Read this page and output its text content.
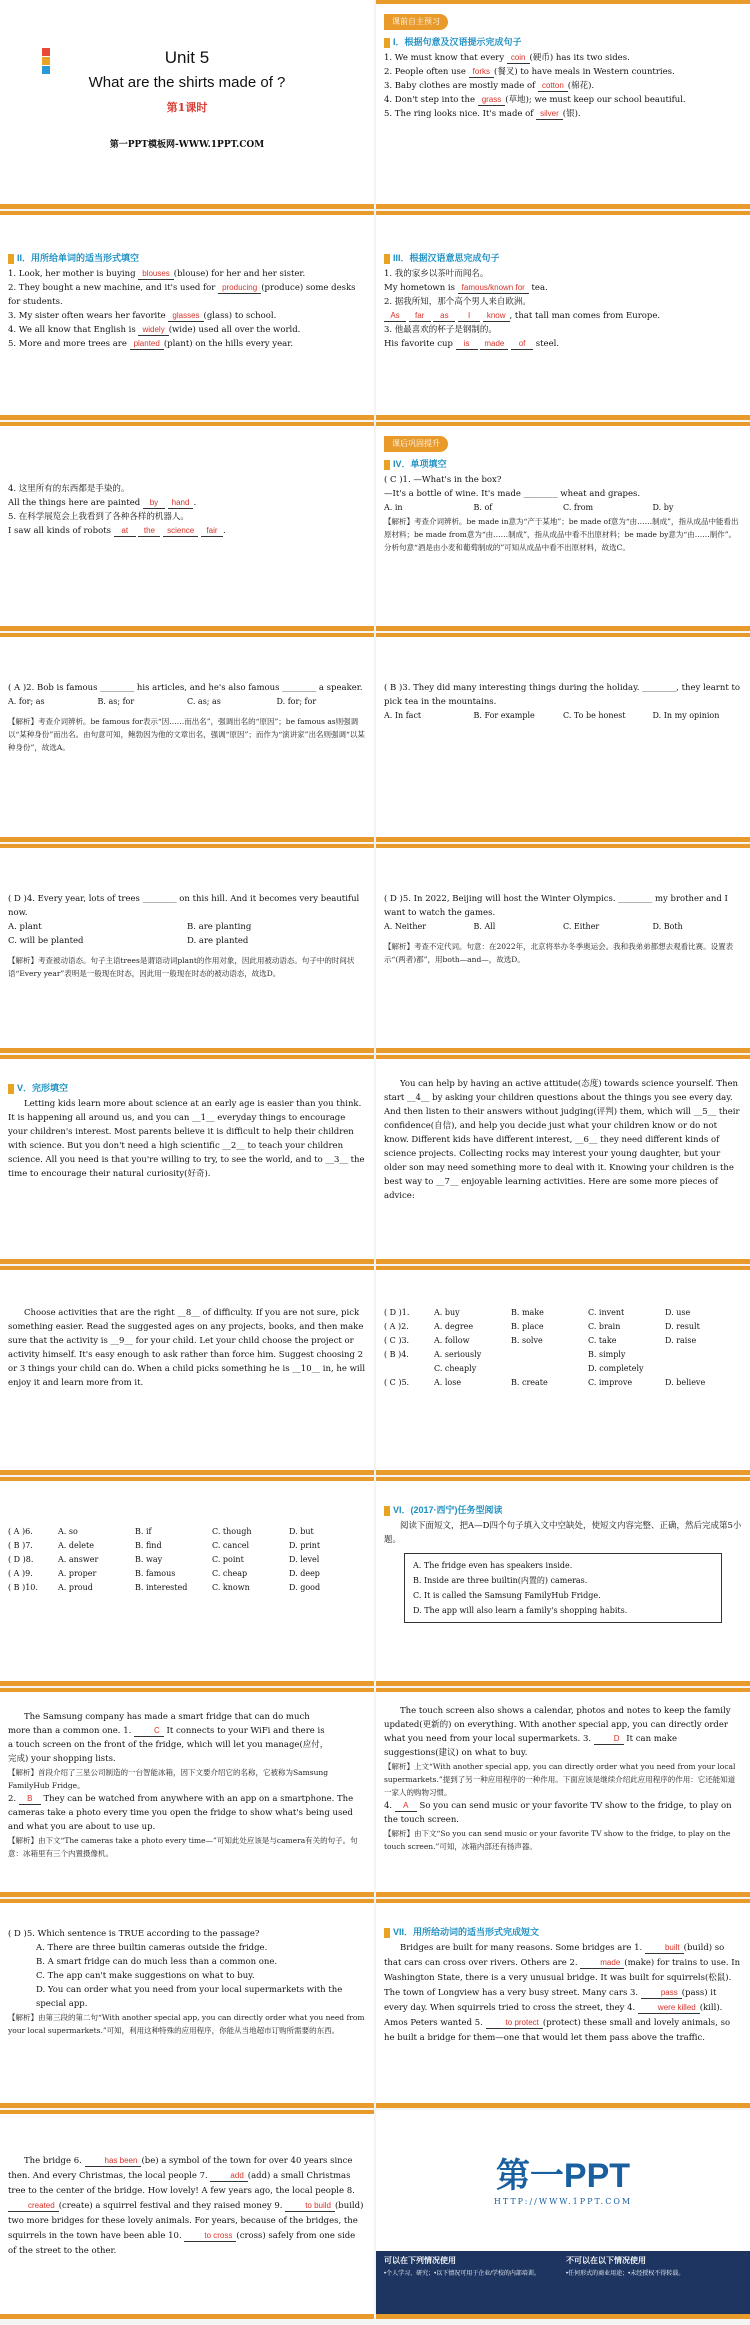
Unit 5
What are the shirts made of ?
第1课时
第一PPT模板网-WWW.1PPT.COM
课前自主预习
I．根据句意及汉语提示完成句子
1. We must know that every coin (硬币) has its two sides.
2. People often use forks (餐叉) to have meals in Western countries.
3. Baby clothes are mostly made of cotton (棉花).
4. Don't step into the grass (草地); we must keep our school beautiful.
5. The ring looks nice. It's made of silver (银).
II．用所给单词的适当形式填空
1. Look, her mother is buying blouses (blouse) for her and her sister.
2. They bought a new machine, and it's used for producing (produce) some desks for students.
3. My sister often wears her favorite glasses (glass) to school.
4. We all know that English is widely (wide) used all over the world.
5. More and more trees are planted (plant) on the hills every year.
III．根据汉语意思完成句子
1. 我的家乡以茶叶而闻名。
My hometown is famous/known for tea.
2. 据我所知，那个高个男人来自欧洲。
As far as I know , that tall man comes from Europe.
3. 他最喜欢的杯子是钢制的。
His favorite cup is made of steel.
4. 这里所有的东西都是手染的。
All the things here are painted by hand .
5. 在科学展览会上我看到了各种各样的机器人。
I saw all kinds of robots at the science fair .
课后巩固提升
IV．单项填空
( C )1. —What's in the box?
—It's a bottle of wine. It's made ________ wheat and grapes.
A. in	B. of	C. from	D. by
【解析】考查介词辨析。be made in意为“产于某地”；be made of意为“由……制成”，指从成品中能看出原材料；be made from意为“由……制成”，指从成品中看不出原材料；be made by意为“由……制作”。分析句意“酒是由小麦和葡萄制成的”可知从成品中看不出原材料，故选C。
( A )2. Bob is famous ________ his articles, and he's also famous ________ a speaker.
A. for; as	B. as; for	C. as; as	D. for; for
【解析】考查介词辨析。be famous for表示“因……而出名”，强调出名的“原因”；be famous as则强调以“某种身份”而出名。由句意可知，鲍勃因为他的文章出名，强调“原因”；而作为“演讲家”出名则强调“以某种身份”，故选A。
( B )3. They did many interesting things during the holiday. ________, they learnt to pick tea in the mountains.
A. In fact	B. For example	C. To be honest	D. In my opinion
( D )4. Every year, lots of trees ________ on this hill. And it becomes very beautiful now.
A. plant	B. are planting
C. will be planted	D. are planted
【解析】考查被动语态。句子主语trees是谓语动词plant的作用对象，因此用被动语态。句子中的时间状语“Every year”表明是一般现在时态，因此用一般现在时态的被动语态，故选D。
( D )5. In 2022, Beijing will host the Winter Olympics. ________ my brother and I want to watch the games.
A. Neither	B. All	C. Either	D. Both
【解析】考查不定代词。句意：在2022年，北京将举办冬季奥运会。我和我弟弟都想去观看比赛。设置表示“(两者)都”，用both—and—，故选D。
V．完形填空
Letting kids learn more about science at an early age is easier than you think. It is happening all around us, and you can __1__ everyday things to encourage your children's interest. Most parents believe it is difficult to help their children with science. But you don't need a high scientific __2__ to teach your children science. All you need is that you're willing to try, to see the world, and to __3__ the time to encourage their natural curiosity(好奇).
You can help by having an active attitude(态度) towards science yourself. Then start __4__ by asking your children questions about the things you see every day. And then listen to their answers without judging(评判) them, which will __5__ their confidence(自信), and help you decide just what your children know or do not know. Different kids have different interest, __6__ they need different kinds of science projects. Collecting rocks may interest your young daughter, but your older son may need something more to deal with it. Knowing your children is the best way to __7__ enjoyable learning activities. Here are some more pieces of advice:
Choose activities that are the right __8__ of difficulty. If you are not sure, pick something easier. Read the suggested ages on any projects, books, and then make sure that the activity is __9__ for your child. Let your child choose the project or activity himself. It's easy enough to ask rather than force him. Suggest choosing 2 or 3 things your child can do. When a child picks something he is __10__ in, he will enjoy it and learn more from it.
( D )1.	A. buy	B. make	C. invent	D. use
( A )2.	A. degree	B. place	C. brain	D. result
( C )3.	A. follow	B. solve	C. take	D. raise
( B )4.	A. seriously	B. simply
C. cheaply	D. completely
( C )5.	A. lose	B. create	C. improve	D. believe
( A )6.	A. so	B. if	C. though	D. but
( B )7.	A. delete	B. find	C. cancel	D. print
( D )8.	A. answer	B. way	C. point	D. level
( A )9.	A. proper	B. famous	C. cheap	D. deep
( B )10.	A. proud	B. interested	C. known	D. good
VI．(2017·西宁)任务型阅读
阅读下面短文，把A—D四个句子填入文中空缺处，使短文内容完整、正确，然后完成第5小题。
A. The fridge even has speakers inside.
B. Inside are three builtin(内置的) cameras.
C. It is called the Samsung FamilyHub Fridge.
D. The app will also learn a family's shopping habits.
The Samsung company has made a smart fridge that can do much more than a common one. 1.	C It connects to your WiFi and there is a touch screen on the front of the fridge, which will let you manage(应付，完成) your shopping lists.
【解析】首段介绍了三星公司制造的一台智能冰箱，因下文要介绍它的名称，它被称为Samsung FamilyHub Fridge。
2. B They can be watched from anywhere with an app on a smartphone. The cameras take a photo every time you open the fridge to show what's being used and what you are about to use up.
【解析】由下文“The cameras take a photo every time—”可知此处应该是与camera有关的句子。句意：冰箱里有三个内置摄像机。
The touch screen also shows a calendar, photos and notes to keep the family updated(更新的) on everything. With another special app, you can directly order what you need from your local supermarkets. 3.	D It can make suggestions(建议) on what to buy.
【解析】上文“With another special app, you can directly order what you need from your local supermarkets.”提到了另一种应用程序的一种作用。下面应该是继续介绍此应用程序的作用：它还能知道一家人的购物习惯。
4. A So you can send music or your favorite TV show to the fridge, to play on the touch screen.
【解析】由下文“So you can send music or your favorite TV show to the fridge, to play on the touch screen.”可知，冰箱内部还有扬声器。
( D )5. Which sentence is TRUE according to the passage?
A. There are three builtin cameras outside the fridge.
B. A smart fridge can do much less than a common one.
C. The app can't make suggestions on what to buy.
D. You can order what you need from your local supermarkets with the special app.
【解析】由第三段的第二句“With another special app, you can directly order what you need from your local supermarkets.”可知，利用这种特殊的应用程序，你能从当地超市订购所需要的东西。
VII．用所给动词的适当形式完成短文
Bridges are built for many reasons. Some bridges are 1.	built (build) so that cars can cross over rivers. Others are 2.	made (make) for trains to use. In Washington State, there is a very unusual bridge. It was built for squirrels(松鼠). The town of Longview has a very busy street. Many cars 3.	pass (pass) it every day. When squirrels tried to cross the street, they 4.	were killed (kill). Amos Peters wanted 5.	to protect (protect) these small and lovely animals, so he built a bridge for them—one that would let them pass above the traffic.
The bridge 6.	has been (be) a symbol of the town for over 40 years since then. And every Christmas, the local people 7.	add (add) a small Christmas tree to the center of the bridge. How lovely! A few years ago, the local people 8. created (create) a squirrel festival and they raised money 9.	to build (build) two more bridges for these lovely animals. For years, because of the bridges, the squirrels in the town have been able 10.	to cross (cross) safely from one side of the street to the other.
第一PPT
HTTP://WWW.1PPT.COM
可以在下列情况使用
•个人学习、研究；•以下情况可用于企业/学校的内部培训。
不可以在以下情况使用
•任何形式的商业用途；•未经授权不得转载。
